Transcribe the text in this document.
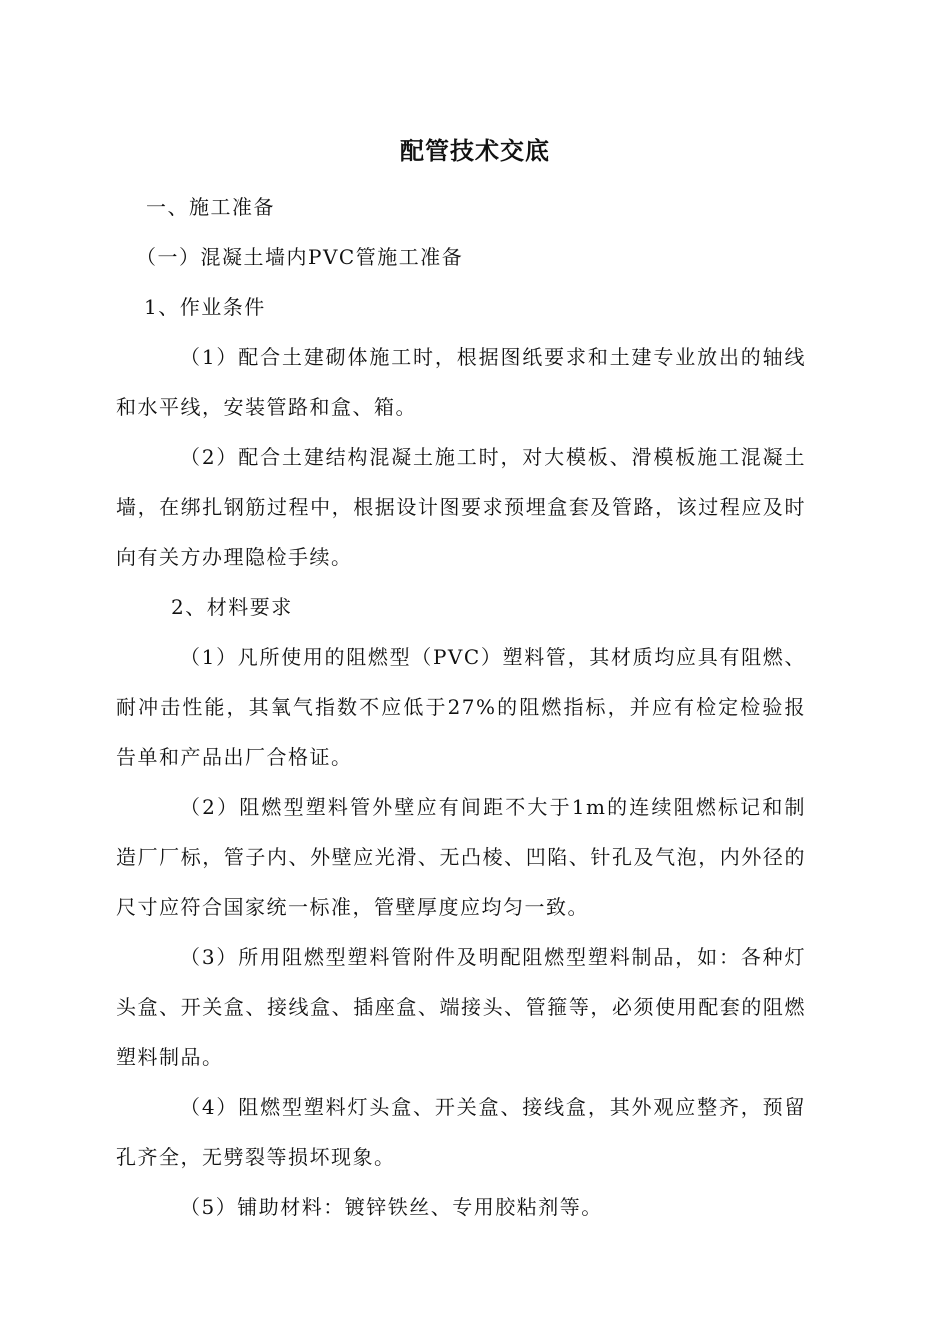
配管技术交底

一、施工准备

（一）混凝土墙内PVC管施工准备

1、作业条件

（1）配合土建砌体施工时，根据图纸要求和土建专业放出的轴线和水平线，安装管路和盒、箱。

（2）配合土建结构混凝土施工时，对大模板、滑模板施工混凝土墙，在绑扎钢筋过程中，根据设计图要求预埋盒套及管路，该过程应及时向有关方办理隐检手续。

2、材料要求

（1）凡所使用的阻燃型（PVC）塑料管，其材质均应具有阻燃、耐冲击性能，其氧气指数不应低于27%的阻燃指标，并应有检定检验报告单和产品出厂合格证。

（2）阻燃型塑料管外壁应有间距不大于1m的连续阻燃标记和制造厂厂标，管子内、外壁应光滑、无凸棱、凹陷、针孔及气泡，内外径的尺寸应符合国家统一标准，管壁厚度应均匀一致。

（3）所用阻燃型塑料管附件及明配阻燃型塑料制品，如：各种灯头盒、开关盒、接线盒、插座盒、端接头、管箍等，必须使用配套的阻燃塑料制品。

（4）阻燃型塑料灯头盒、开关盒、接线盒，其外观应整齐，预留孔齐全，无劈裂等损坏现象。

（5）铺助材料：镀锌铁丝、专用胶粘剂等。
